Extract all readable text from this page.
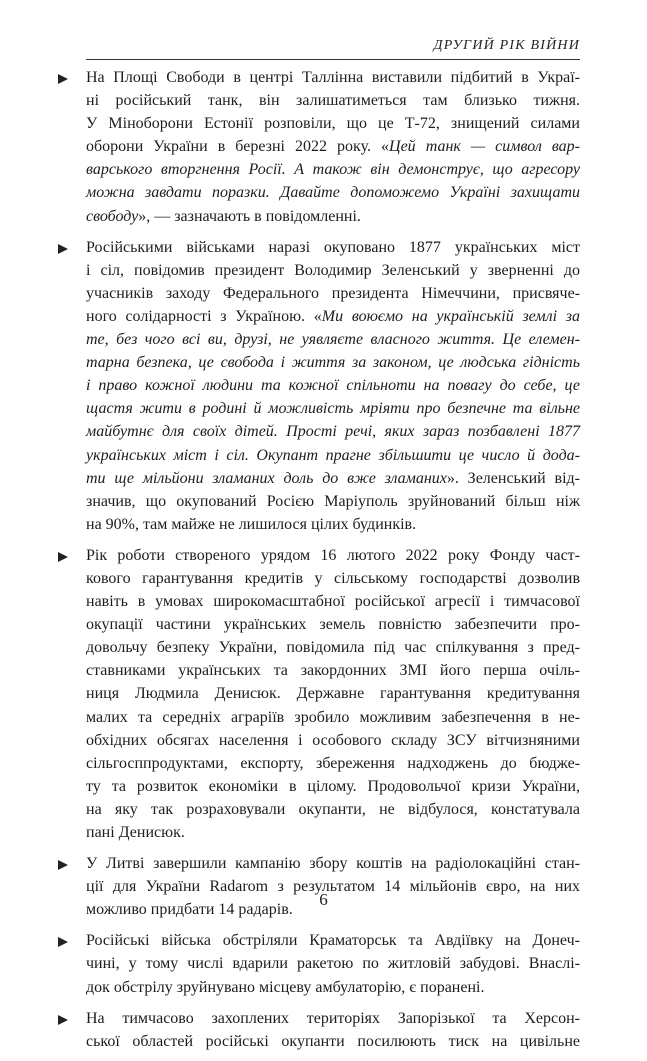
ДРУГИЙ РІК ВІЙНИ
На Площі Свободи в центрі Таллінна виставили підбитий в Украї-
ні російський танк, він залишатиметься там близько тижня.
У Міноборони Естонії розповіли, що це Т-72, знищений силами
оборони України в березні 2022 року. «Цей танк — символ вар-
варського вторгнення Росії. А також він демонструє, що агресору
можна завдати поразки. Давайте допоможемо Україні захищати
свободу», — зазначають в повідомленні.
Російськими військами наразі окуповано 1877 українських міст
і сіл, повідомив президент Володимир Зеленський у зверненні до
учасників заходу Федерального президента Німеччини, присвяче-
ного солідарності з Україною. «Ми воюємо на українській землі за
те, без чого всі ви, друзі, не уявляєте власного життя. Це елемен-
тарна безпека, це свобода і життя за законом, це людська гідність
і право кожної людини та кожної спільноти на повагу до себе, це
щастя жити в родині й можливість мріяти про безпечне та вільне
майбутнє для своїх дітей. Прості речі, яких зараз позбавлені 1877
українських міст і сіл. Окупант прагне збільшити це число й дода-
ти ще мільйони зламаних доль до вже зламаних». Зеленський від-
значив, що окупований Росією Маріуполь зруйнований більш ніж
на 90%, там майже не лишилося цілих будинків.
Рік роботи створеного урядом 16 лютого 2022 року Фонду част-
кового гарантування кредитів у сільському господарстві дозволив
навіть в умовах широкомасштабної російської агресії і тимчасової
окупації частини українських земель повністю забезпечити про-
довольчу безпеку України, повідомила під час спілкування з пред-
ставниками українських та закордонних ЗМІ його перша очіль-
ниця Людмила Денисюк. Державне гарантування кредитування
малих та середніх аграріїв зробило можливим забезпечення в не-
обхідних обсягах населення і особового складу ЗСУ вітчизняними
сільгосппродуктами, експорту, збереження надходжень до бюдже-
ту та розвиток економіки в цілому. Продовольчої кризи України,
на яку так розраховували окупанти, не відбулося, констатувала
пані Денисюк.
У Литві завершили кампанію збору коштів на радіолокаційні стан-
ції для України Radarom з результатом 14 мільйонів євро, на них
можливо придбати 14 радарів.
Російські війська обстріляли Краматорськ та Авдіївку на Донеч-
чині, у тому числі вдарили ракетою по житловій забудові. Внаслі-
док обстрілу зруйнувано місцеву амбулаторію, є поранені.
На тимчасово захоплених територіях Запорізької та Херсон-
ської областей російські окупанти посилюють тиск на цивільне
6
